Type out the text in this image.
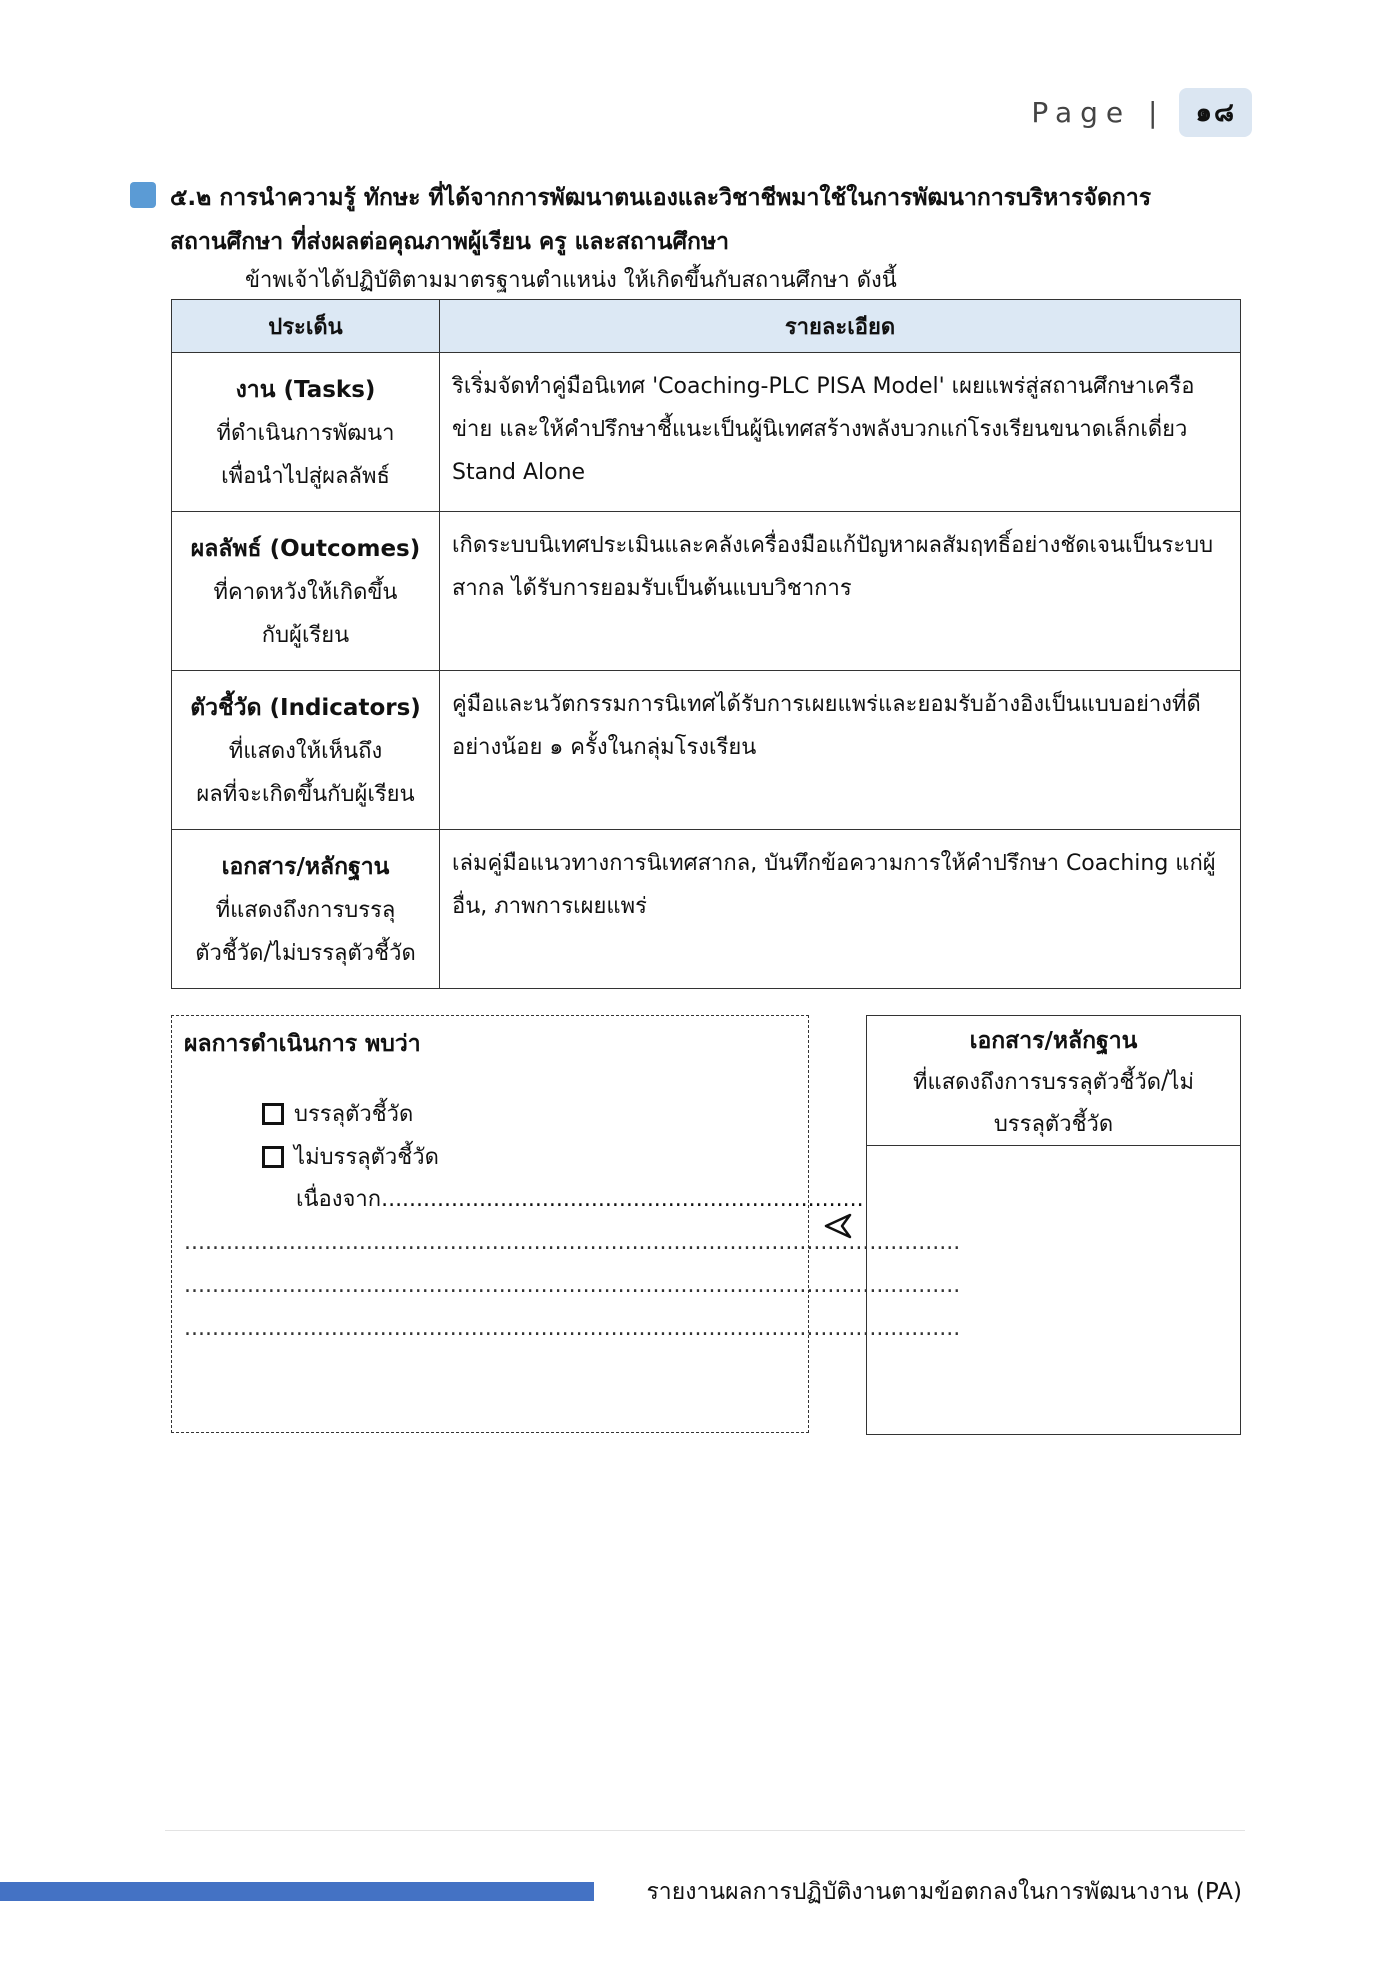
Page |	๑๘
๕.๒ การนำความรู้ ทักษะ ที่ได้จากการพัฒนาตนเองและวิชาชีพมาใช้ในการพัฒนาการบริหารจัดการ
สถานศึกษา ที่ส่งผลต่อคุณภาพผู้เรียน ครู และสถานศึกษา
ข้าพเจ้าได้ปฏิบัติตามมาตรฐานตำแหน่ง ให้เกิดขึ้นกับสถานศึกษา ดังนี้
ประเด็น	รายละเอียด

งาน (Tasks)
ที่ดำเนินการพัฒนา
เพื่อนำไปสู่ผลลัพธ์	ริเริ่มจัดทำคู่มือนิเทศ 'Coaching-PLC PISA Model' เผยแพร่สู่สถานศึกษาเครือข่าย และให้คำปรึกษาชี้แนะเป็นผู้นิเทศสร้างพลังบวกแก่โรงเรียนขนาดเล็กเดี่ยว Stand Alone

ผลลัพธ์ (Outcomes)
ที่คาดหวังให้เกิดขึ้น
กับผู้เรียน	เกิดระบบนิเทศประเมินและคลังเครื่องมือแก้ปัญหาผลสัมฤทธิ์อย่างชัดเจนเป็นระบบสากล ได้รับการยอมรับเป็นต้นแบบวิชาการ

ตัวชี้วัด (Indicators)
ที่แสดงให้เห็นถึง
ผลที่จะเกิดขึ้นกับผู้เรียน	คู่มือและนวัตกรรมการนิเทศได้รับการเผยแพร่และยอมรับอ้างอิงเป็นแบบอย่างที่ดีอย่างน้อย ๑ ครั้งในกลุ่มโรงเรียน

เอกสาร/หลักฐาน
ที่แสดงถึงการบรรลุ
ตัวชี้วัด/ไม่บรรลุตัวชี้วัด	เล่มคู่มือแนวทางการนิเทศสากล, บันทึกข้อความการให้คำปรึกษา Coaching แก่ผู้อื่น, ภาพการเผยแพร่
ผลการดำเนินการ พบว่า
บรรลุตัวชี้วัด
ไม่บรรลุตัวชี้วัด
เนื่องจาก.....................................................................
...............................................................................................................
...............................................................................................................
...............................................................................................................
เอกสาร/หลักฐาน
ที่แสดงถึงการบรรลุตัวชี้วัด/ไม่
บรรลุตัวชี้วัด
รายงานผลการปฏิบัติงานตามข้อตกลงในการพัฒนางาน (PA)
